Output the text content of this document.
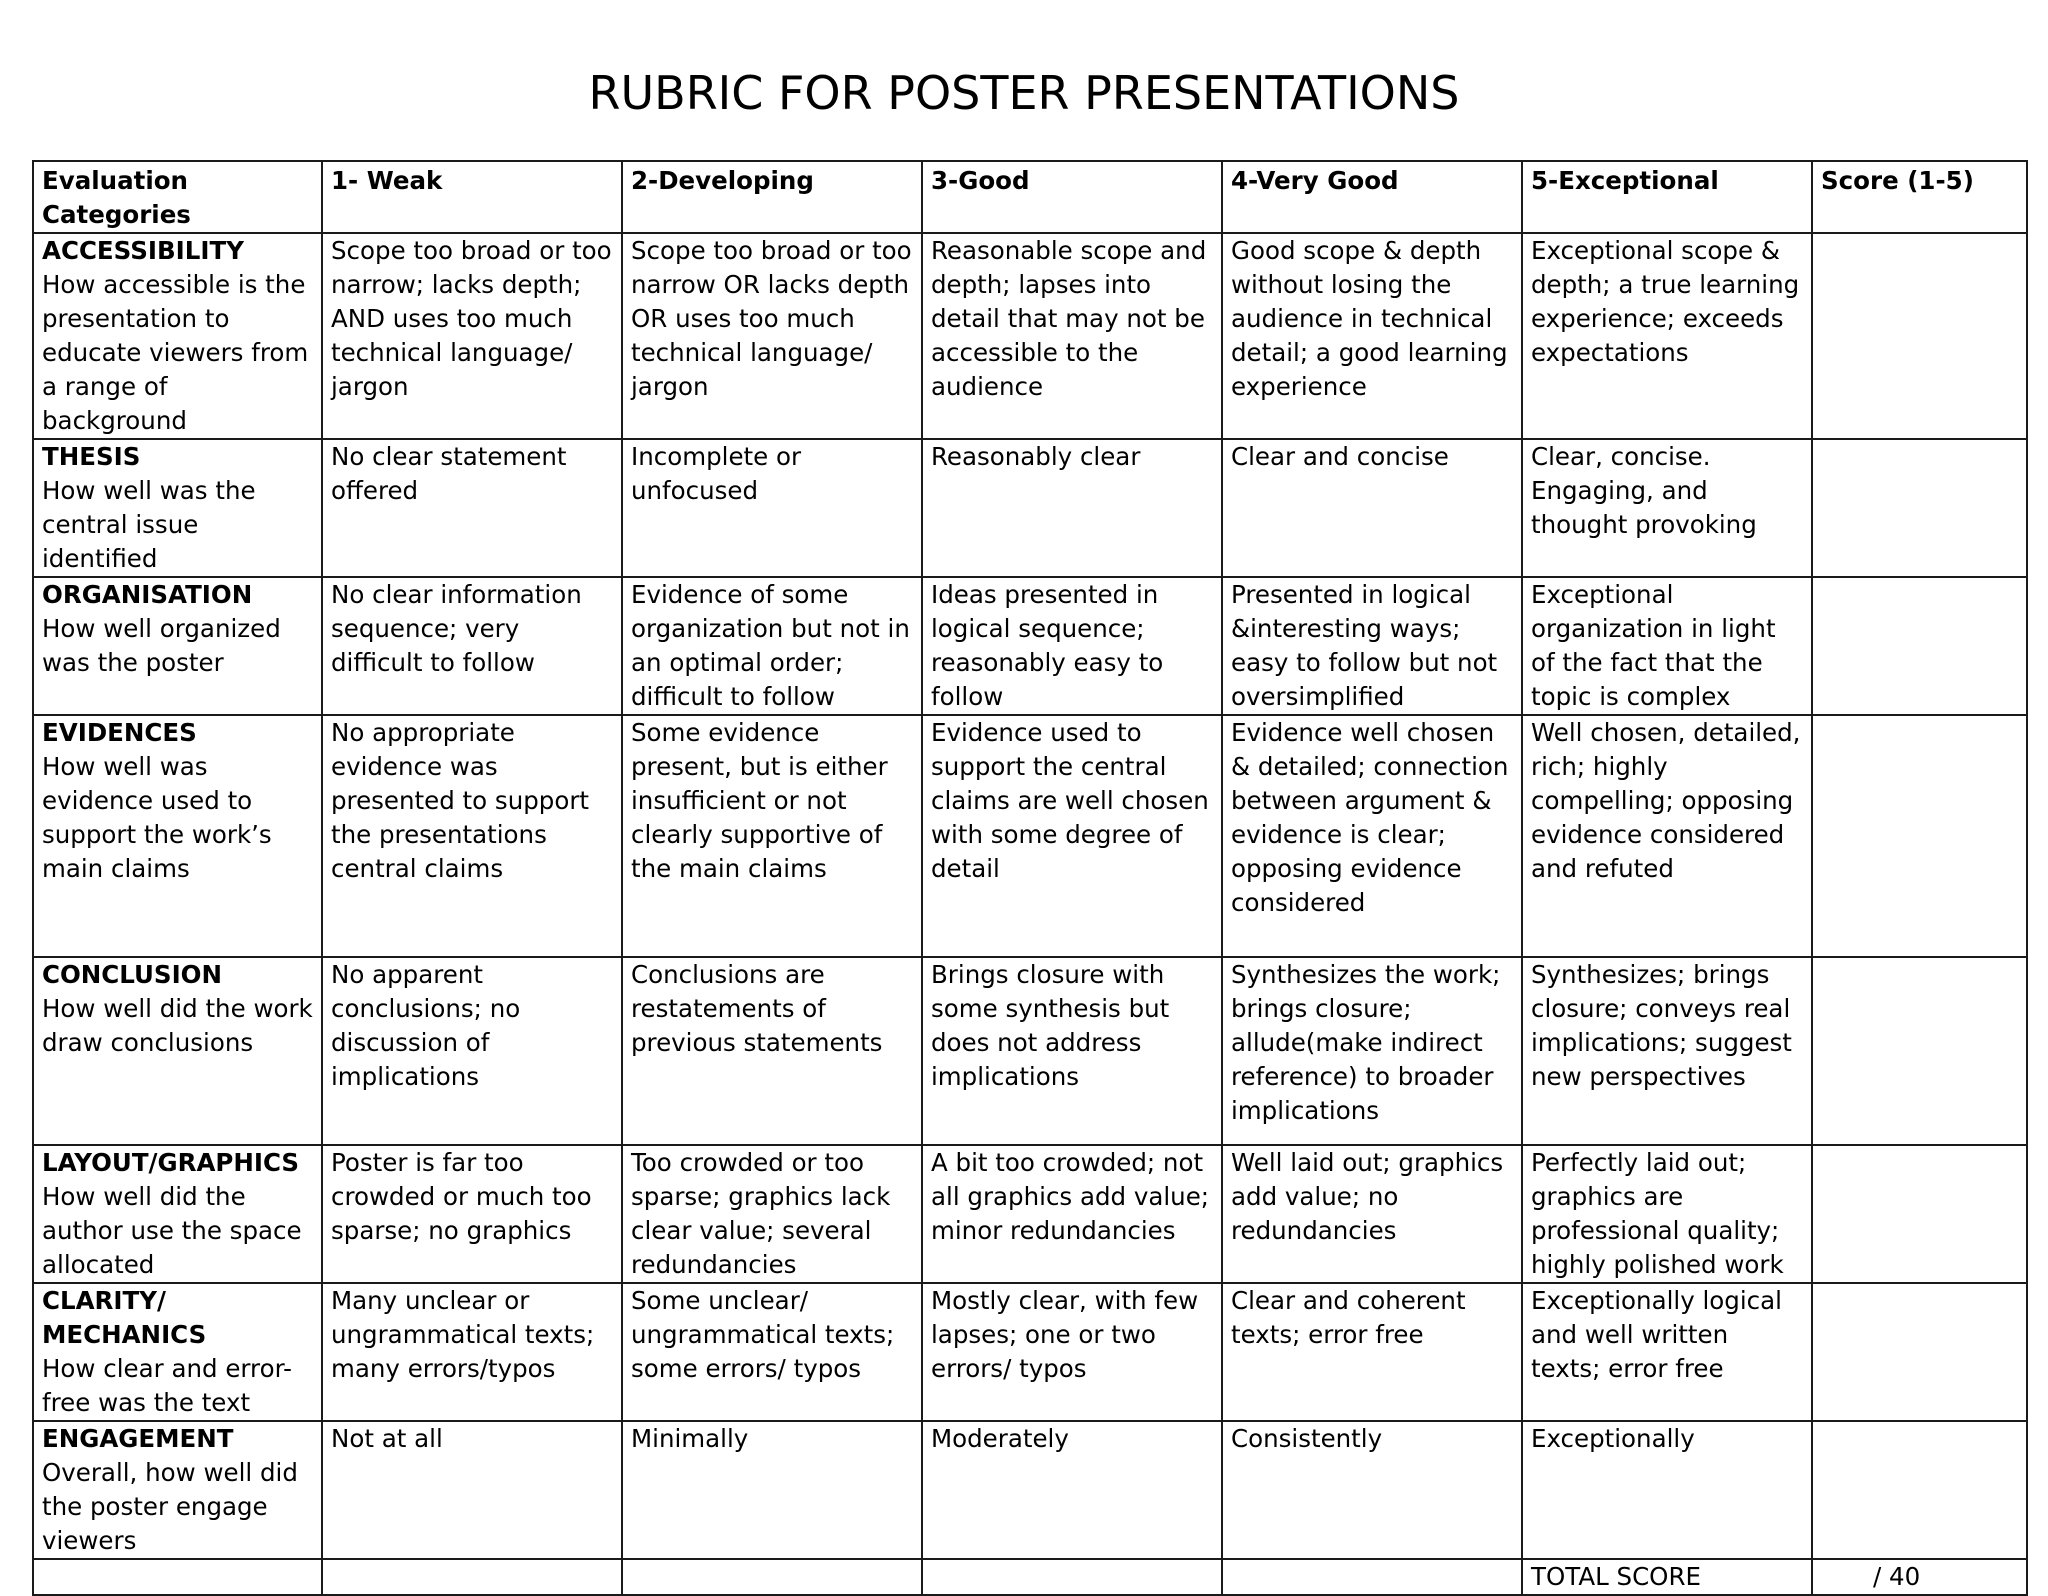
RUBRIC FOR POSTER PRESENTATIONS
Evaluation Categories	1- Weak	2-Developing	3-Good	4-Very Good	5-Exceptional	Score (1-5)

ACCESSIBILITY
How accessible is the presentation to educate viewers from a range of background	Scope too broad or too narrow; lacks depth; AND uses too much technical language/ jargon	Scope too broad or too narrow OR lacks depth OR uses too much technical language/ jargon	Reasonable scope and depth; lapses into detail that may not be accessible to the audience	Good scope & depth without losing the audience in technical detail; a good learning experience	Exceptional scope & depth; a true learning experience; exceeds expectations	

THESIS
How well was the central issue identified	No clear statement offered	Incomplete or unfocused	Reasonably clear	Clear and concise	Clear, concise. Engaging, and thought provoking	

ORGANISATION
How well organized was the poster	No clear information sequence; very difficult to follow	Evidence of some organization but not in an optimal order; difficult to follow	Ideas presented in logical sequence; reasonably easy to follow	Presented in logical &interesting ways; easy to follow but not oversimplified	Exceptional organization in light of the fact that the topic is complex	

EVIDENCES
How well was evidence used to support the work’s main claims	No appropriate evidence was presented to support the presentations central claims	Some evidence present, but is either insufficient or not clearly supportive of the main claims	Evidence used to support the central claims are well chosen with some degree of detail	Evidence well chosen & detailed; connection between argument & evidence is clear; opposing evidence considered	Well chosen, detailed, rich; highly compelling; opposing evidence considered and refuted	

CONCLUSION
How well did the work draw conclusions	No apparent conclusions; no discussion of implications	Conclusions are restatements of previous statements	Brings closure with some synthesis but does not address implications	Synthesizes the work; brings closure; allude(make indirect reference) to broader implications	Synthesizes; brings closure; conveys real implications; suggest new perspectives	

LAYOUT/GRAPHICS
How well did the author use the space allocated	Poster is far too crowded or much too sparse; no graphics	Too crowded or too sparse; graphics lack clear value; several redundancies	A bit too crowded; not all graphics add value; minor redundancies	Well laid out; graphics add value; no redundancies	Perfectly laid out; graphics are professional quality; highly polished work	

CLARITY/ MECHANICS
How clear and error-free was the text	Many unclear or ungrammatical texts; many errors/typos	Some unclear/ ungrammatical texts; some errors/ typos	Mostly clear, with few lapses; one or two errors/ typos	Clear and coherent texts; error free	Exceptionally logical and well written texts; error free	

ENGAGEMENT
Overall, how well did the poster engage viewers	Not at all	Minimally	Moderately	Consistently	Exceptionally	
					TOTAL SCORE	/ 40
